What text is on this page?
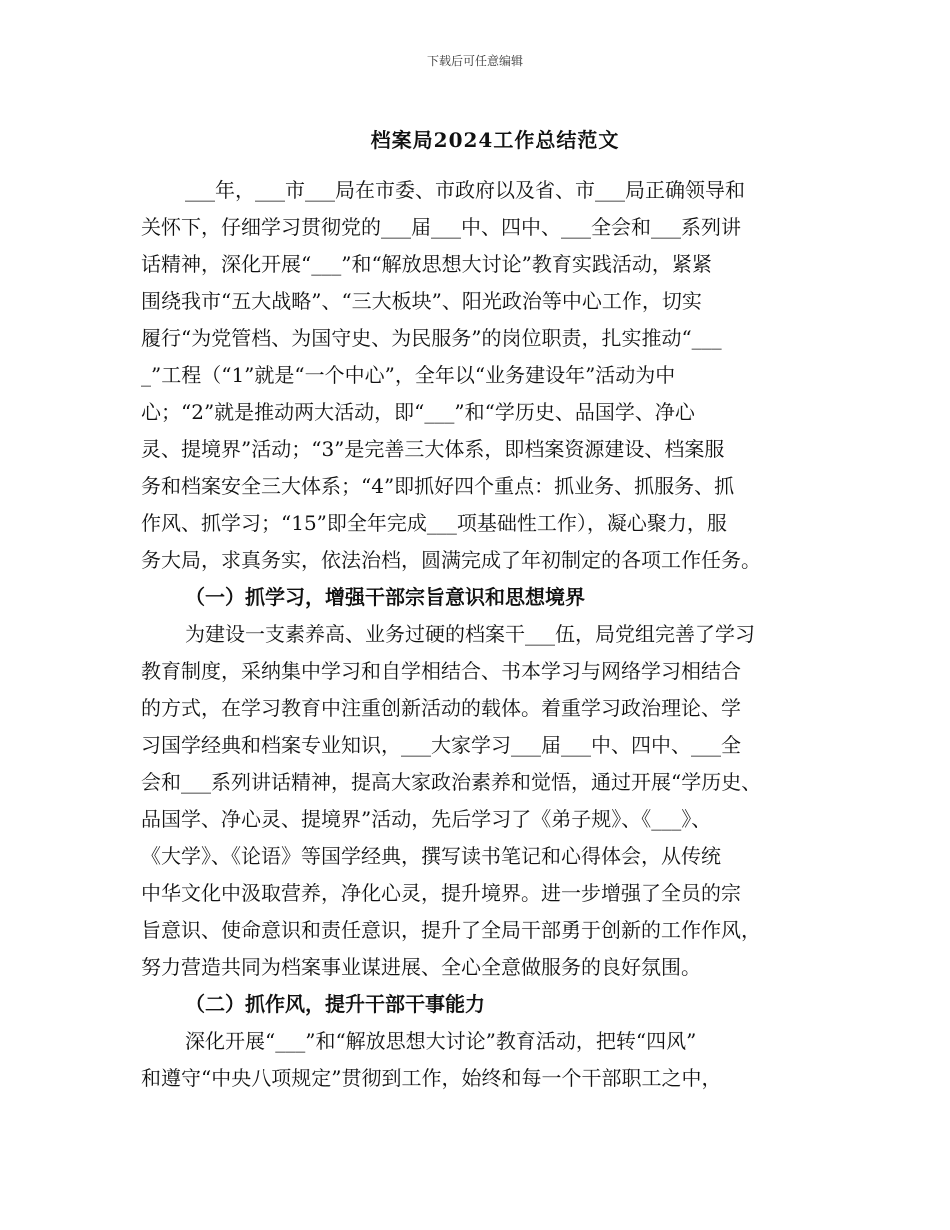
下载后可任意编辑
档案局2024工作总结范文
___年，___市___局在市委、市政府以及省、市___局正确领导和
关怀下，仔细学习贯彻党的___届___中、四中、___全会和___系列讲
话精神，深化开展“___”和“解放思想大讨论”教育实践活动，紧紧
围绕我市“五大战略”、“三大板块”、阳光政治等中心工作，切实
履行“为党管档、为国守史、为民服务”的岗位职责，扎实推动“___
_”工程（“1”就是“一个中心”，全年以“业务建设年”活动为中
心；“2”就是推动两大活动，即“___”和“学历史、品国学、净心
灵、提境界”活动；“3”是完善三大体系，即档案资源建设、档案服
务和档案安全三大体系；“4”即抓好四个重点：抓业务、抓服务、抓
作风、抓学习；“15”即全年完成___项基础性工作），凝心聚力，服
务大局，求真务实，依法治档，圆满完成了年初制定的各项工作任务。
（一）抓学习，增强干部宗旨意识和思想境界
为建设一支素养高、业务过硬的档案干___伍，局党组完善了学习
教育制度，采纳集中学习和自学相结合、书本学习与网络学习相结合
的方式，在学习教育中注重创新活动的载体。着重学习政治理论、学
习国学经典和档案专业知识，___大家学习___届___中、四中、___全
会和___系列讲话精神，提高大家政治素养和觉悟，通过开展“学历史、
品国学、净心灵、提境界”活动，先后学习了《弟子规》、《___》、
《大学》、《论语》等国学经典，撰写读书笔记和心得体会，从传统
中华文化中汲取营养，净化心灵，提升境界。进一步增强了全员的宗
旨意识、使命意识和责任意识，提升了全局干部勇于创新的工作作风，
努力营造共同为档案事业谋进展、全心全意做服务的良好氛围。
（二）抓作风，提升干部干事能力
深化开展“___”和“解放思想大讨论”教育活动，把转“四风”
和遵守“中央八项规定”贯彻到工作，始终和每一个干部职工之中，
